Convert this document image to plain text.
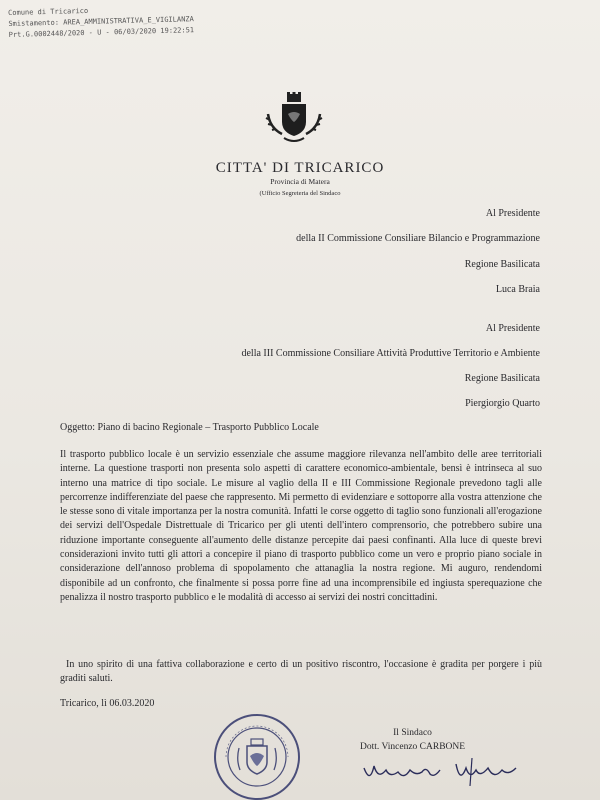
Comune di Tricarico
Smistamento: AREA_AMMINISTRATIVA_E_VIGILANZA
Prt.G.0002448/2020 - U - 06/03/2020 19:22:51
CITTA' DI TRICARICO
Provincia di Matera
(Ufficio Segreteria del Sindaco
Al Presidente
della II Commissione Consiliare Bilancio e Programmazione
Regione Basilicata
Luca Braia
Al Presidente
della III Commissione Consiliare Attività Produttive Territorio e Ambiente
Regione Basilicata
Piergiorgio Quarto
Oggetto: Piano di bacino Regionale – Trasporto Pubblico Locale

Il trasporto pubblico locale è un servizio essenziale che assume maggiore rilevanza nell'ambito delle aree territoriali interne. La questione trasporti non presenta solo aspetti di carattere economico-ambientale, bensì è intrinseca al suo interno una matrice di tipo sociale. Le misure al vaglio della II e III Commissione Regionale prevedono tagli alle percorrenze indifferenziate del paese che rappresento. Mi permetto di evidenziare e sottoporre alla vostra attenzione che le stesse sono di vitale importanza per la nostra comunità. Infatti le corse oggetto di taglio sono funzionali all'erogazione dei servizi dell'Ospedale Distrettuale di Tricarico per gli utenti dell'intero comprensorio, che potrebbero subire una riduzione importante conseguente all'aumento delle distanze percepite dai paesi confinanti. Alla luce di queste brevi considerazioni invito tutti gli attori a concepire il piano di trasporto pubblico come un vero e proprio piano sociale in considerazione dell'annoso problema di spopolamento che attanaglia la nostra regione. Mi auguro, rendendomi disponibile ad un confronto, che finalmente si possa porre fine ad una incomprensibile ed ingiusta sperequazione che penalizza il nostro trasporto pubblico e le modalità di accesso ai servizi dei nostri concittadini.

In uno spirito di una fattiva collaborazione e certo di un positivo riscontro, l'occasione è gradita per porgere i più graditi saluti.

Tricarico, lì 06.03.2020
Il Sindaco
Dott. Vincenzo CARBONE
